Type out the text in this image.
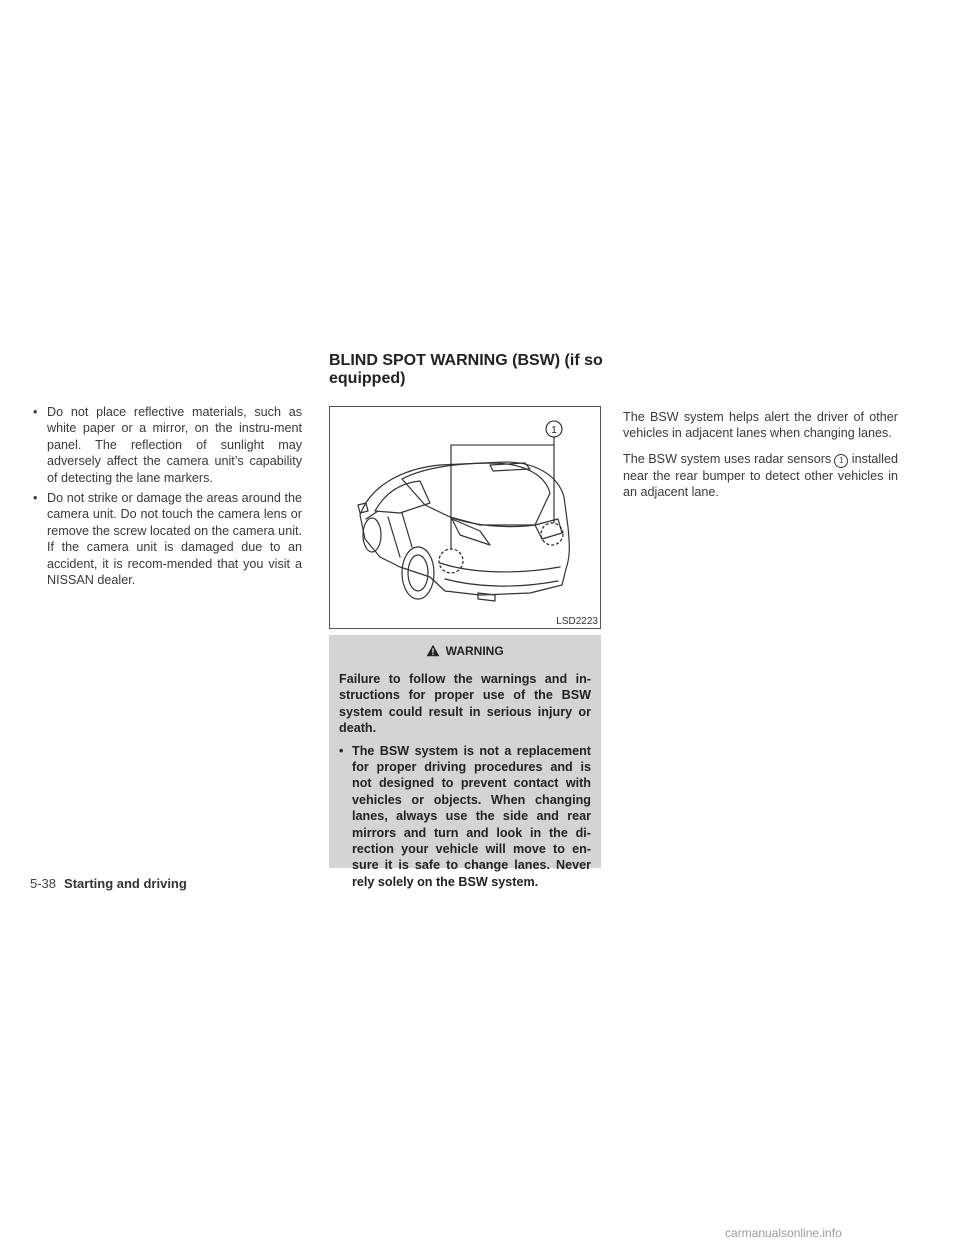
• Do not place reflective materials, such as white paper or a mirror, on the instru-ment panel. The reflection of sunlight may adversely affect the camera unit’s capability of detecting the lane markers.
• Do not strike or damage the areas around the camera unit. Do not touch the camera lens or remove the screw located on the camera unit. If the camera unit is damaged due to an accident, it is recom-mended that you visit a NISSAN dealer.
BLIND SPOT WARNING (BSW) (if so equipped)
1
LSD2223
WARNING

Failure to follow the warnings and in-structions for proper use of the BSW system could result in serious injury or death.

• The BSW system is not a replacement for proper driving procedures and is not designed to prevent contact with vehicles or objects. When changing lanes, always use the side and rear mirrors and turn and look in the di-rection your vehicle will move to en-sure it is safe to change lanes. Never rely solely on the BSW system.

The BSW system helps alert the driver of other vehicles in adjacent lanes when changing lanes.

The BSW system uses radar sensors 1 installed near the rear bumper to detect other vehicles in an adjacent lane.

5-38 Starting and driving
carmanualsonline.info
